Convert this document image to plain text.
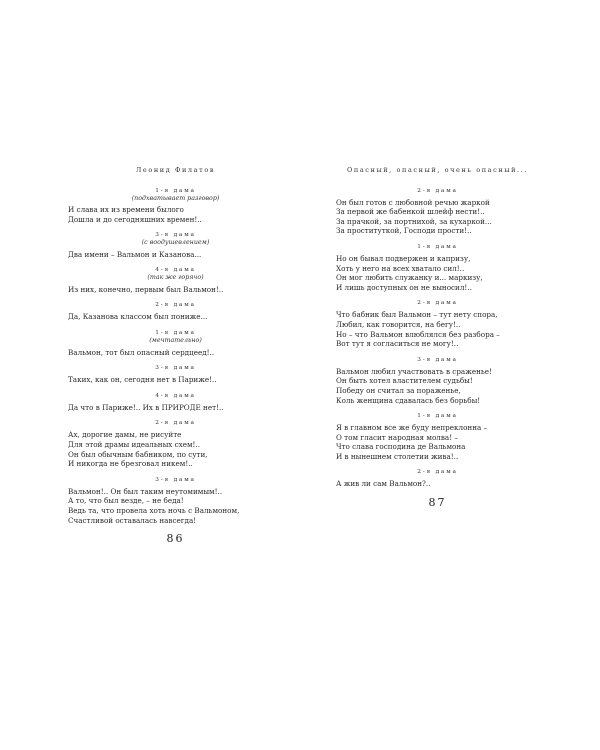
Леонид Филатов
1-я дама
(подхватывает разговор)
И слава их из времени былого
Дошла и до сегодняшних времен!..
3-я дама
(с воодушевлением)
Два имени – Вальмон и Казанова...
4-я дама
(так же горячо)
Из них, конечно, первым был Вальмон!..
2-я дама
Да, Казанова классом был пониже...
1-я дама
(мечтательно)
Вальмон, тот был опасный сердцеед!..
3-я дама
Таких, как он, сегодня нет в Париже!..
4-я дама
Да что в Париже!.. Их в ПРИРОДЕ нет!..
2-я дама
Ах, дорогие дамы, не рисуйте
Для этой драмы идеальных схем!..
Он был обычным бабником, по сути,
И никогда не брезговал никем!..
3-я дама
Вальмон!.. Он был таким неутомимым!..
А то, что был везде, – не беда!
Ведь та, что провела хоть ночь с Вальмоном,
Счастливой оставалась навсегда!
86
Опасный, опасный, очень опасный...
2-я дама
Он был готов с любовной речью жаркой
За первой же бабенкой шлейф нести!..
За прачкой, за портнихой, за кухаркой...
За проституткой, Господи прости!..
1-я дама
Но он бывал подвержен и капризу,
Хоть у него на всех хватало сил!..
Он мог любить служанку и... маркизу,
И лишь доступных он не выносил!..
2-я дама
Что бабник был Вальмон – тут нету спора,
Любил, как говорится, на бегу!..
Но – что Вальмон влюблялся без разбора –
Вот тут я согласиться не могу!..
3-я дама
Вальмон любил участвовать в сраженье!
Он быть хотел властителем судьбы!
Победу он считал за пораженье,
Коль женщина сдавалась без борьбы!
1-я дама
Я в главном все же буду непреклонна –
О том гласит народная молва! –
Что слава господина де Вальмона
И в нынешнем столетии жива!..
2-я дама
А жив ли сам Вальмон?..
87
